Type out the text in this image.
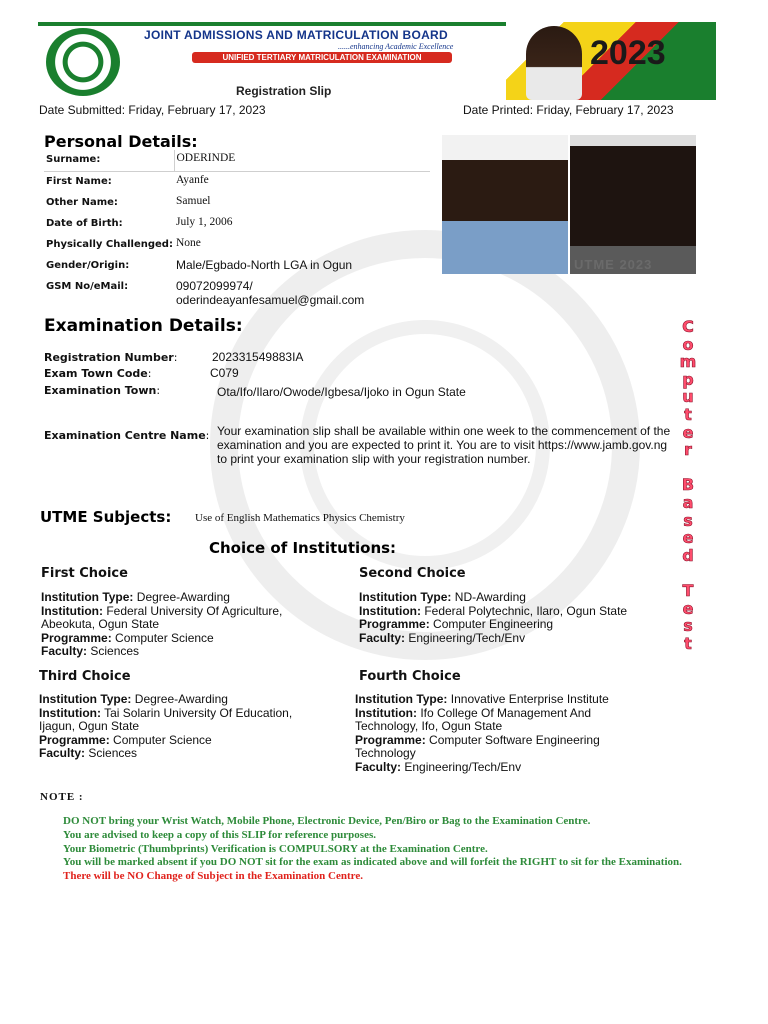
JOINT ADMISSIONS AND MATRICULATION BOARD
......enhancing Academic Excellence
UNIFIED TERTIARY MATRICULATION EXAMINATION
Registration Slip
2023
Date Submitted: Friday, February 17, 2023	Date Printed: Friday, February 17, 2023
Personal Details:
Surname:	ODERINDE
First Name:	Ayanfe
Other Name:	Samuel
Date of Birth:	July 1, 2006
Physically Challenged:	None
Gender/Origin:	Male/Egbado-North LGA in Ogun
GSM No/eMail:	09072099974/
oderindeayanfesamuel@gmail.com
UTME 2023
Examination Details:
Registration Number:	202331549883IA
Exam Town Code:	C079
Examination Town:	Ota/Ifo/Ilaro/Owode/Igbesa/Ijoko in Ogun State
Examination Centre Name: Your examination slip shall be available within one week to the commencement of the examination and you are expected to print it. You are to visit https://www.jamb.gov.ng to print your examination slip with your registration number.
C
o
m
p
u
t
e
r
B
a
s
e
d
T
e
s
t
UTME Subjects: Use of English Mathematics Physics Chemistry
Choice of Institutions:
First Choice
Institution Type: Degree-Awarding
Institution: Federal University Of Agriculture, Abeokuta, Ogun State
Programme: Computer Science
Faculty: Sciences
Second Choice
Institution Type: ND-Awarding
Institution: Federal Polytechnic, Ilaro, Ogun State
Programme: Computer Engineering
Faculty: Engineering/Tech/Env
Third Choice
Institution Type: Degree-Awarding
Institution: Tai Solarin University Of Education, Ijagun, Ogun State
Programme: Computer Science
Faculty: Sciences
Fourth Choice
Institution Type: Innovative Enterprise Institute
Institution: Ifo College Of Management And Technology, Ifo, Ogun State
Programme: Computer Software Engineering Technology
Faculty: Engineering/Tech/Env
NOTE :
DO NOT bring your Wrist Watch, Mobile Phone, Electronic Device, Pen/Biro or Bag to the Examination Centre.
You are advised to keep a copy of this SLIP for reference purposes.
Your Biometric (Thumbprints) Verification is COMPULSORY at the Examination Centre.
You will be marked absent if you DO NOT sit for the exam as indicated above and will forfeit the RIGHT to sit for the Examination.
There will be NO Change of Subject in the Examination Centre.
